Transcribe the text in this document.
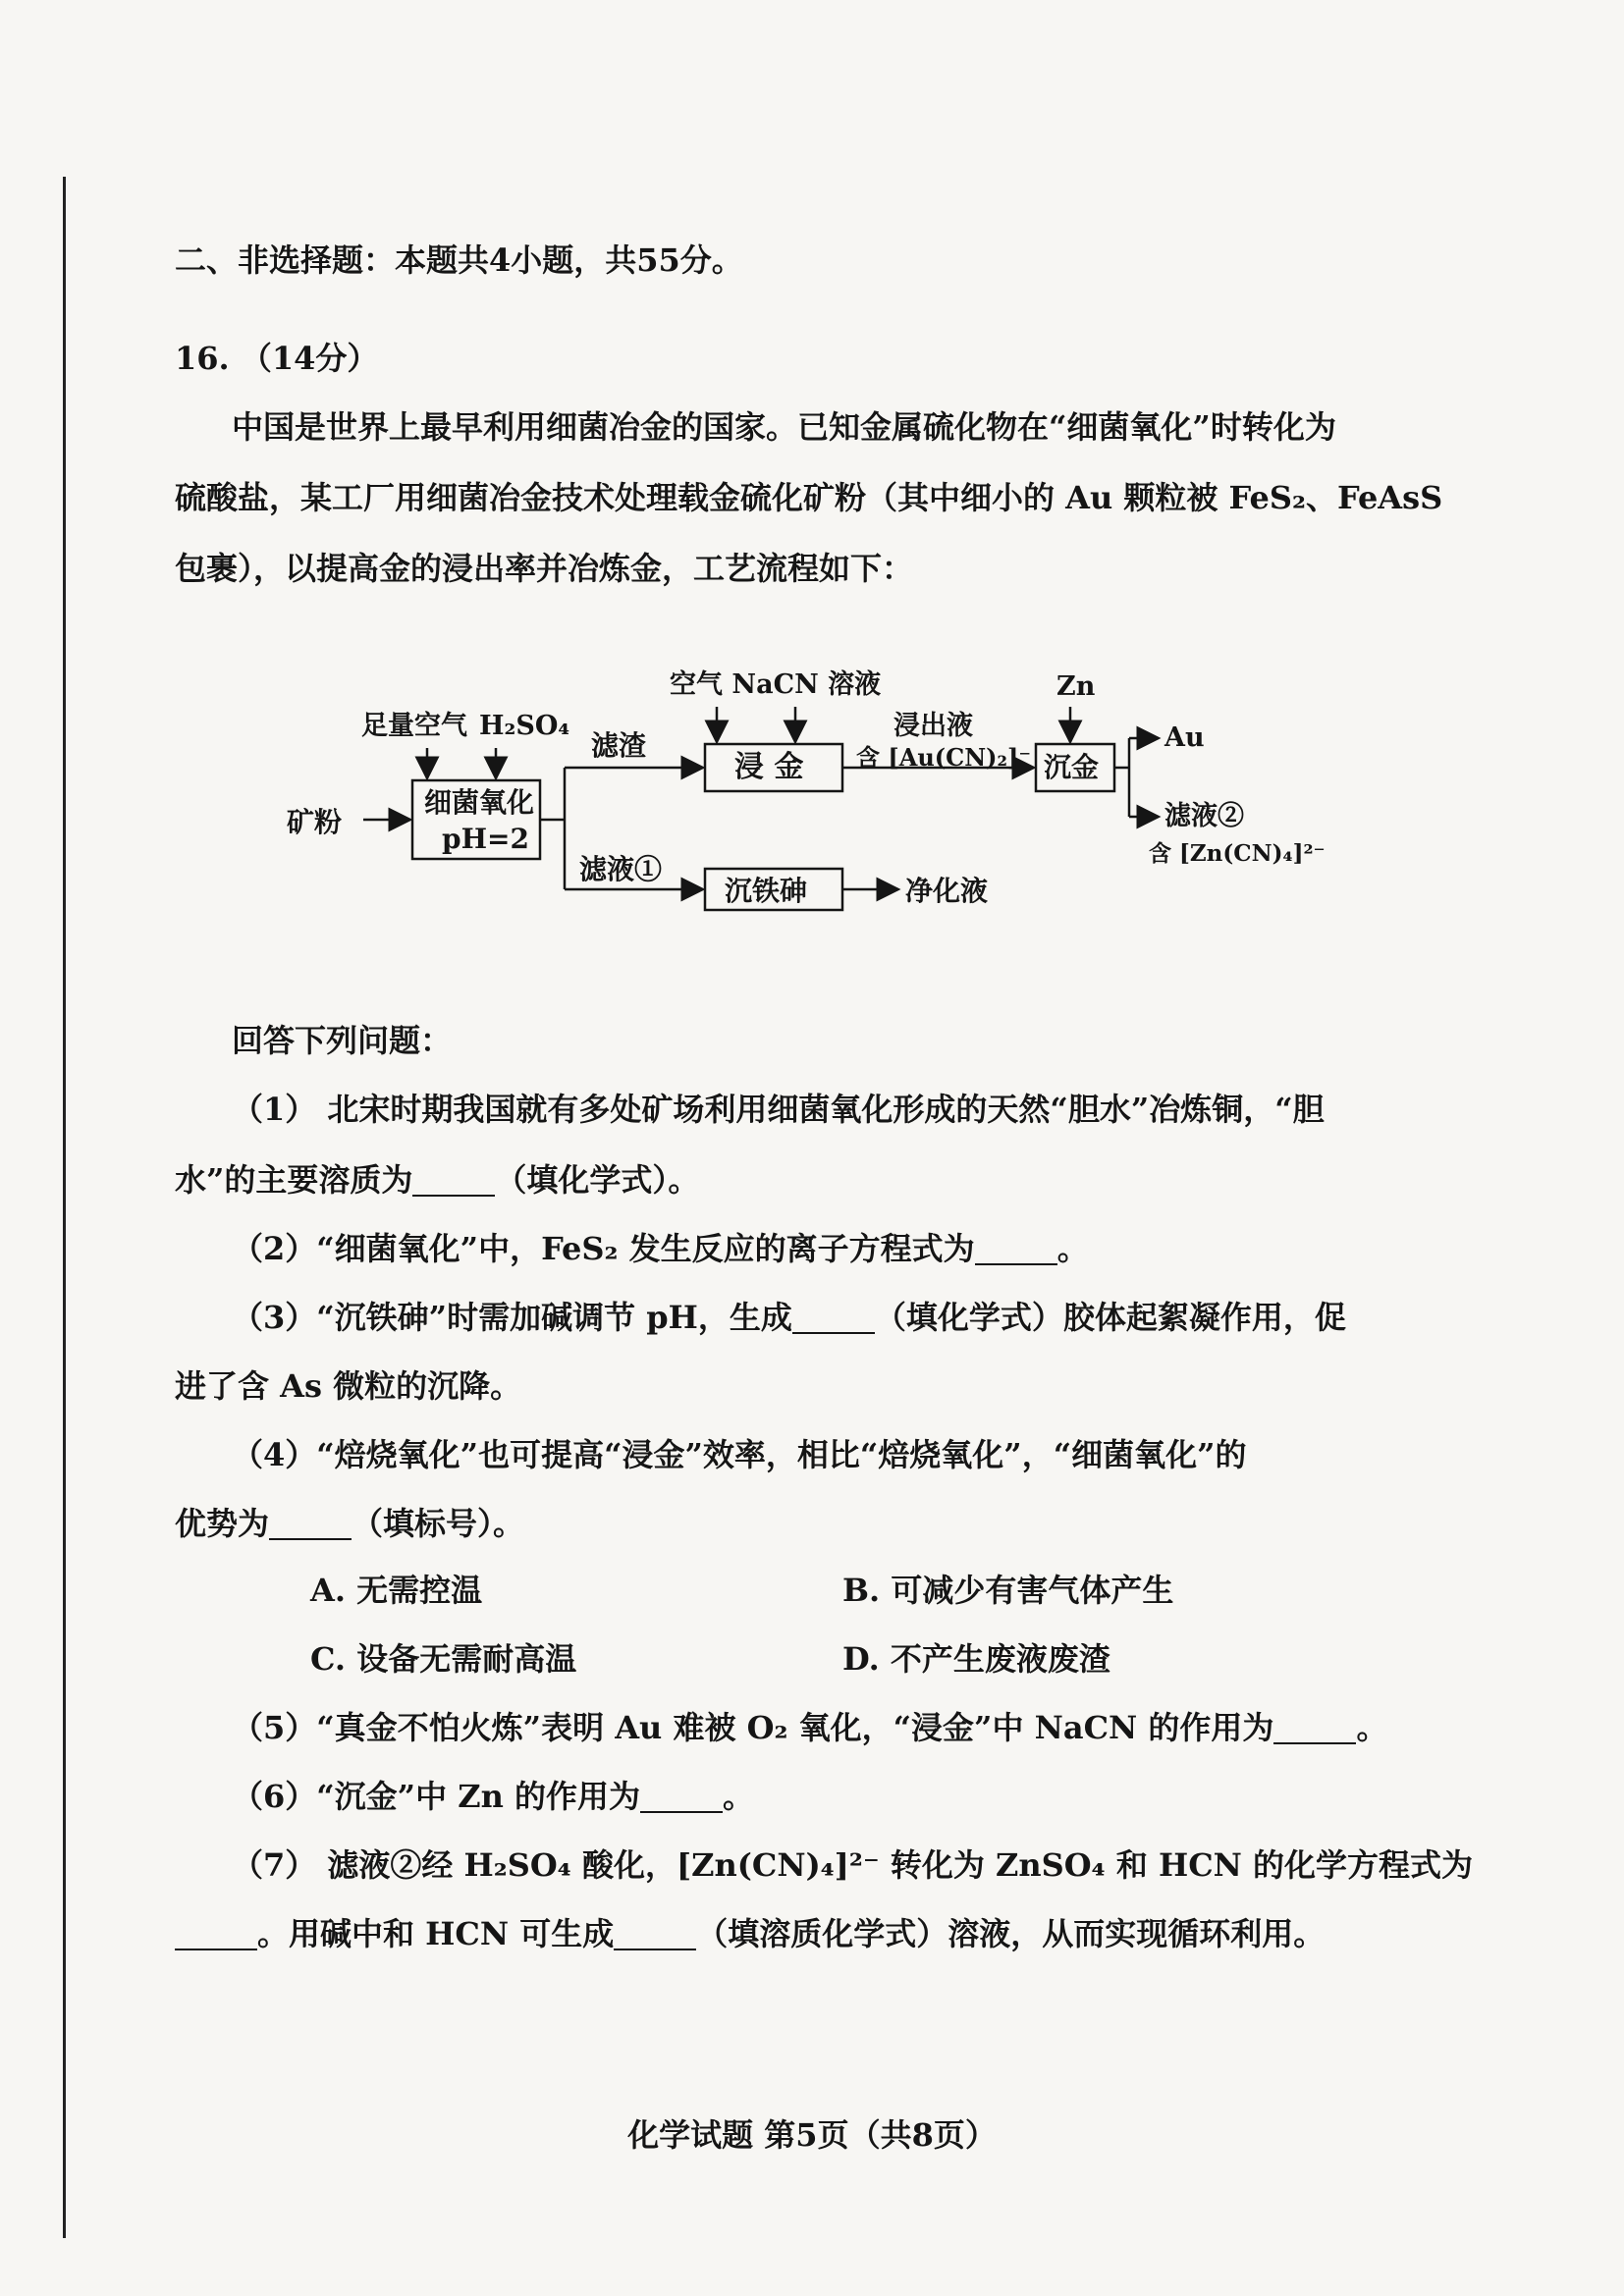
二、非选择题：本题共4小题，共55分。
16. （14分）
中国是世界上最早利用细菌冶金的国家。已知金属硫化物在“细菌氧化”时转化为
硫酸盐，某工厂用细菌冶金技术处理载金硫化矿粉（其中细小的 Au 颗粒被 FeS₂、FeAsS
包裹），以提高金的浸出率并冶炼金，工艺流程如下：
矿粉
足量空气 H₂SO₄
细菌氧化
pH=2
滤渣
滤液①
空气 NaCN 溶液
浸 金
浸出液
含 [Au(CN)₂]⁻
Zn
沉金
Au
滤液②
含 [Zn(CN)₄]²⁻
沉铁砷	净化液
回答下列问题：
（1） 北宋时期我国就有多处矿场利用细菌氧化形成的天然“胆水”冶炼铜，“胆
水”的主要溶质为	（填化学式）。
（2）“细菌氧化”中，FeS₂ 发生反应的离子方程式为	。
（3）“沉铁砷”时需加碱调节 pH，生成	（填化学式）胶体起絮凝作用，促
进了含 As 微粒的沉降。
（4）“焙烧氧化”也可提高“浸金”效率，相比“焙烧氧化”，“细菌氧化”的
优势为	（填标号）。
A. 无需控温	B. 可减少有害气体产生
C. 设备无需耐高温	D. 不产生废液废渣
（5）“真金不怕火炼”表明 Au 难被 O₂ 氧化，“浸金”中 NaCN 的作用为	。
（6）“沉金”中 Zn 的作用为	。
（7） 滤液②经 H₂SO₄ 酸化，[Zn(CN)₄]²⁻ 转化为 ZnSO₄ 和 HCN 的化学方程式为
。用碱中和 HCN 可生成	（填溶质化学式）溶液，从而实现循环利用。
化学试题 第5页（共8页）
